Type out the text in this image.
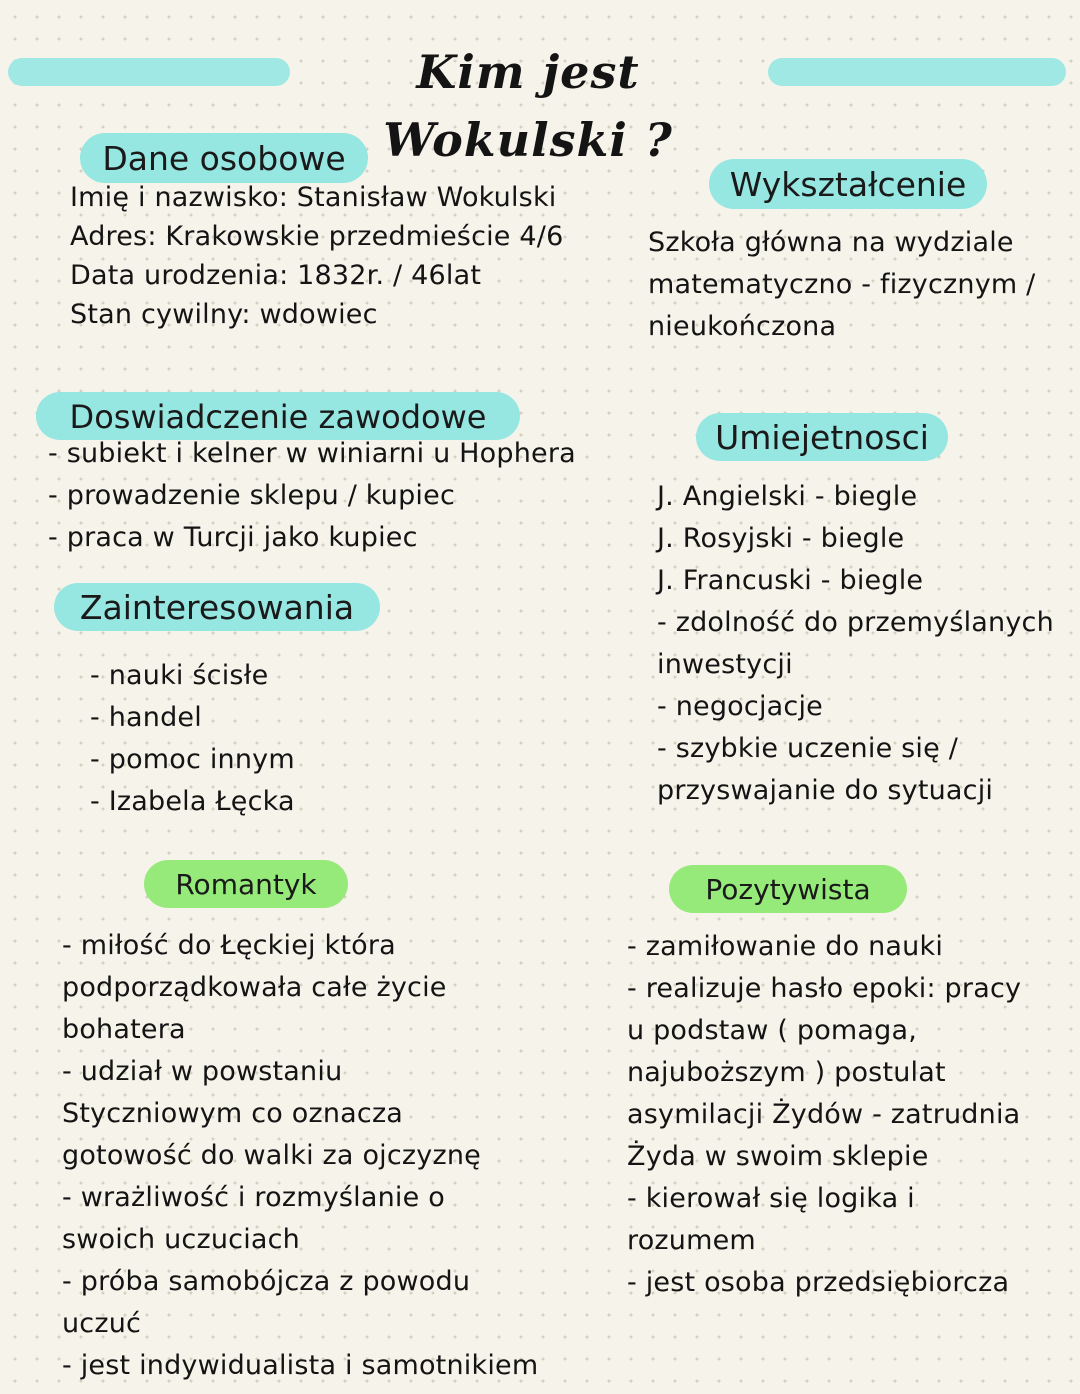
Kim jest Wokulski ?
Dane osobowe
Imię i nazwisko: Stanisław Wokulski
Adres: Krakowskie przedmieście 4/6
Data urodzenia: 1832r. / 46lat
Stan cywilny: wdowiec
Wykształcenie
Szkoła główna na wydziale
matematyczno - fizycznym /
nieukończona
Doswiadczenie zawodowe
- subiekt i kelner w winiarni u Hophera
- prowadzenie sklepu / kupiec
- praca w Turcji jako kupiec
Umiejetnosci
J. Angielski - biegle
J. Rosyjski - biegle
J. Francuski - biegle
- zdolność do przemyślanych
inwestycji
- negocjacje
- szybkie uczenie się /
przyswajanie do sytuacji
Zainteresowania
- nauki ścisłe
- handel
- pomoc innym
- Izabela Łęcka
Romantyk
- miłość do Łęckiej która
podporządkowała całe życie
bohatera
- udział w powstaniu
Styczniowym co oznacza
gotowość do walki za ojczyznę
- wrażliwość i rozmyślanie o
swoich uczuciach
- próba samobójcza z powodu
uczuć
- jest indywidualista i samotnikiem
Pozytywista
- zamiłowanie do nauki
- realizuje hasło epoki: pracy
u podstaw ( pomaga,
najuboższym ) postulat
asymilacji Żydów - zatrudnia
Żyda w swoim sklepie
- kierował się logika i
rozumem
- jest osoba przedsiębiorcza
